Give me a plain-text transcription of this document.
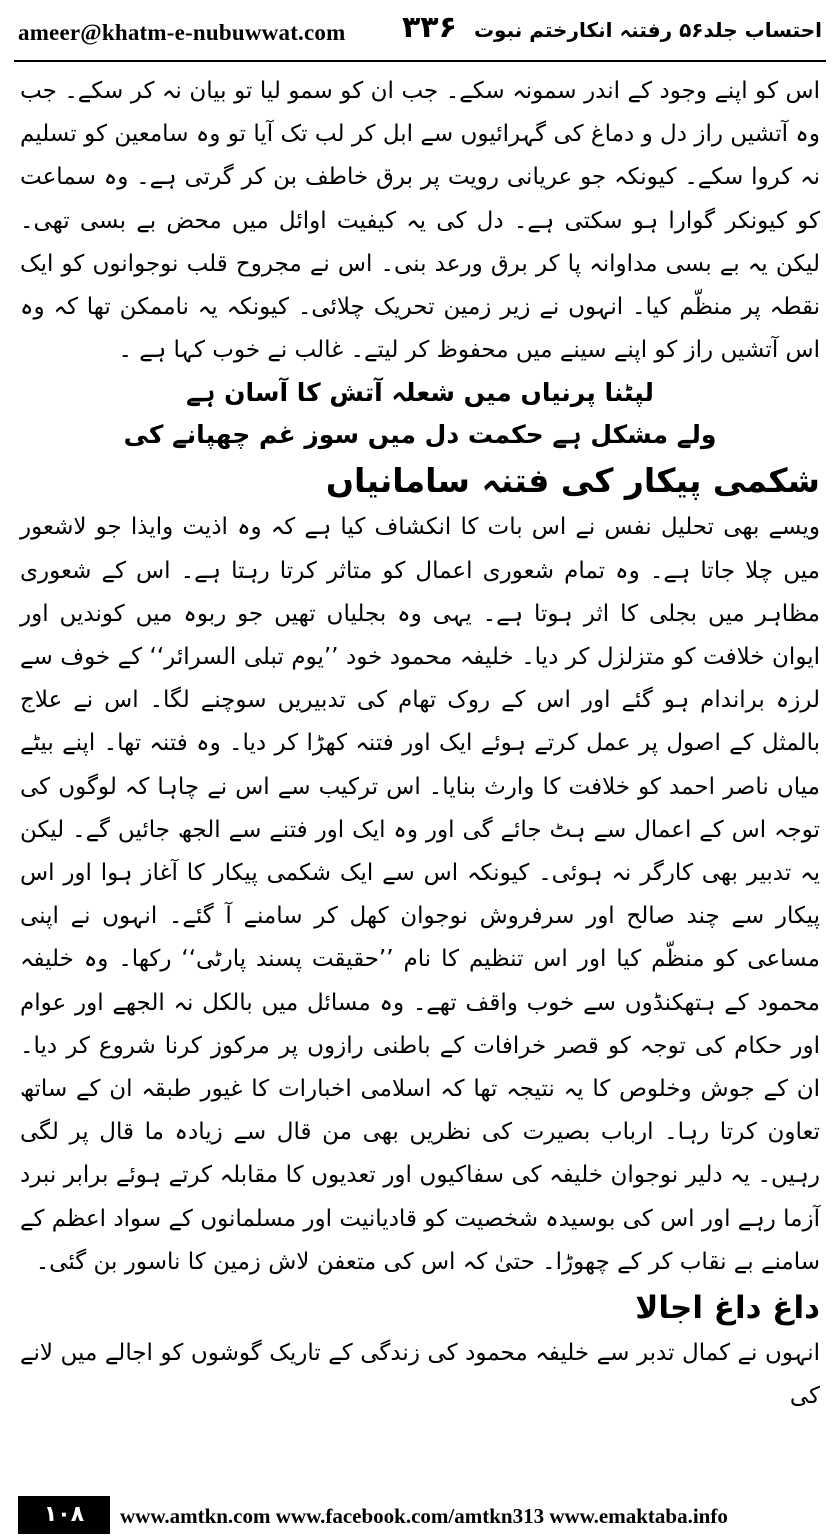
ameer@khatm-e-nubuwwat.com ۳۳۶ احتساب جلد۵۶ رفتنہ انکارختم نبوت

اس کو اپنے وجود کے اندر سمونہ سکے۔ جب ان کو سمو لیا تو بیان نہ کر سکے۔ جب وہ آتشیں راز دل و دماغ کی گہرائیوں سے ابل کر لب تک آیا تو وہ سامعین کو تسلیم نہ کروا سکے۔ کیونکہ جو عریانی رویت پر برق خاطف بن کر گرتی ہے۔ وہ سماعت کو کیونکر گوارا ہو سکتی ہے۔ دل کی یہ کیفیت اوائل میں محض بے بسی تھی۔ لیکن یہ بے بسی مداوانہ پا کر برق ورعد بنی۔ اس نے مجروح قلب نوجوانوں کو ایک نقطہ پر منظّم کیا۔ انہوں نے زیر زمین تحریک چلائی۔ کیونکہ یہ ناممکن تھا کہ وہ اس آتشیں راز کو اپنے سینے میں محفوظ کر لیتے۔ غالب نے خوب کہا ہے ۔

لپٹنا پرنیاں میں شعلہ آتش کا آسان ہے

ولے مشکل ہے حکمت دل میں سوز غم چھپانے کی

شکمی پیکار کی فتنہ سامانیاں

ویسے بھی تحلیل نفس نے اس بات کا انکشاف کیا ہے کہ وہ اذیت وایذا جو لاشعور میں چلا جاتا ہے۔ وہ تمام شعوری اعمال کو متاثر کرتا رہتا ہے۔ اس کے شعوری مظاہر میں بجلی کا اثر ہوتا ہے۔ یہی وہ بجلیاں تھیں جو ربوہ میں کوندیں اور ایوان خلافت کو متزلزل کر دیا۔ خلیفہ محمود خود ’’یوم تبلی السرائر‘‘ کے خوف سے لرزہ براندام ہو گئے اور اس کے روک تھام کی تدبیریں سوچنے لگا۔ اس نے علاج بالمثل کے اصول پر عمل کرتے ہوئے ایک اور فتنہ کھڑا کر دیا۔ وہ فتنہ تھا۔ اپنے بیٹے میاں ناصر احمد کو خلافت کا وارث بنایا۔ اس ترکیب سے اس نے چاہا کہ لوگوں کی توجہ اس کے اعمال سے ہٹ جائے گی اور وہ ایک اور فتنے سے الجھ جائیں گے۔ لیکن یہ تدبیر بھی کارگر نہ ہوئی۔ کیونکہ اس سے ایک شکمی پیکار کا آغاز ہوا اور اس پیکار سے چند صالح اور سرفروش نوجوان کھل کر سامنے آ گئے۔ انہوں نے اپنی مساعی کو منظّم کیا اور اس تنظیم کا نام ’’حقیقت پسند پارٹی‘‘ رکھا۔ وہ خلیفہ محمود کے ہتھکنڈوں سے خوب واقف تھے۔ وہ مسائل میں بالکل نہ الجھے اور عوام اور حکام کی توجہ کو قصر خرافات کے باطنی رازوں پر مرکوز کرنا شروع کر دیا۔ ان کے جوش وخلوص کا یہ نتیجہ تھا کہ اسلامی اخبارات کا غیور طبقہ ان کے ساتھ تعاون کرتا رہا۔ ارباب بصیرت کی نظریں بھی من قال سے زیادہ ما قال پر لگی رہیں۔ یہ دلیر نوجوان خلیفہ کی سفاکیوں اور تعدیوں کا مقابلہ کرتے ہوئے برابر نبرد آزما رہے اور اس کی بوسیدہ شخصیت کو قادیانیت اور مسلمانوں کے سواد اعظم کے سامنے بے نقاب کر کے چھوڑا۔ حتیٰ کہ اس کی متعفن لاش زمین کا ناسور بن گئی۔

داغ داغ اجالا

انہوں نے کمال تدبر سے خلیفہ محمود کی زندگی کے تاریک گوشوں کو اجالے میں لانے کی

۱۰۸	www.amtkn.com www.facebook.com/amtkn313 www.emaktaba.info
